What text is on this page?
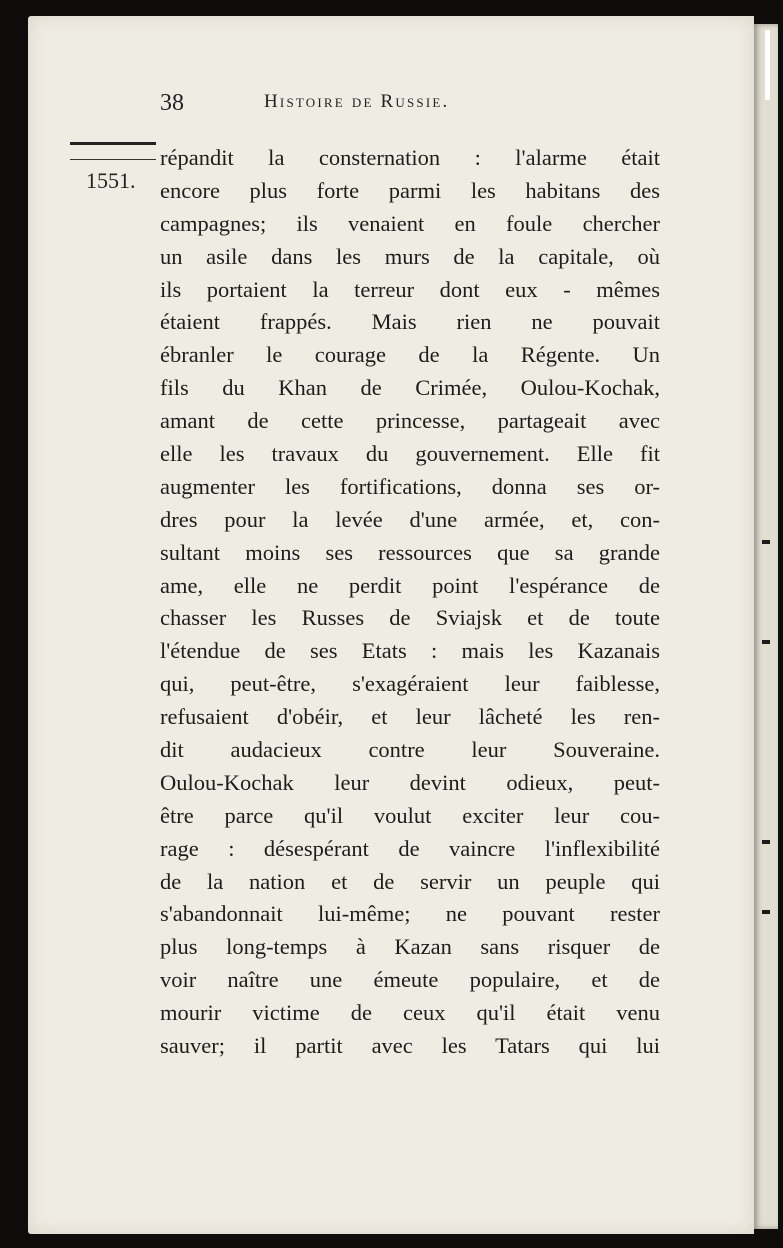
38	Histoire de Russie.
1551.
répandit la consternation : l'alarme était
encore plus forte parmi les habitans des
campagnes; ils venaient en foule chercher
un asile dans les murs de la capitale, où
ils portaient la terreur dont eux - mêmes
étaient frappés. Mais rien ne pouvait
ébranler le courage de la Régente. Un
fils du Khan de Crimée, Oulou-Kochak,
amant de cette princesse, partageait avec
elle les travaux du gouvernement. Elle fit
augmenter les fortifications, donna ses or-
dres pour la levée d'une armée, et, con-
sultant moins ses ressources que sa grande
ame, elle ne perdit point l'espérance de
chasser les Russes de Sviajsk et de toute
l'étendue de ses Etats : mais les Kazanais
qui, peut-être, s'exagéraient leur faiblesse,
refusaient d'obéir, et leur lâcheté les ren-
dit audacieux contre leur Souveraine.
Oulou-Kochak leur devint odieux, peut-
être parce qu'il voulut exciter leur cou-
rage : désespérant de vaincre l'inflexibilité
de la nation et de servir un peuple qui
s'abandonnait lui-même; ne pouvant rester
plus long-temps à Kazan sans risquer de
voir naître une émeute populaire, et de
mourir victime de ceux qu'il était venu
sauver; il partit avec les Tatars qui lui
